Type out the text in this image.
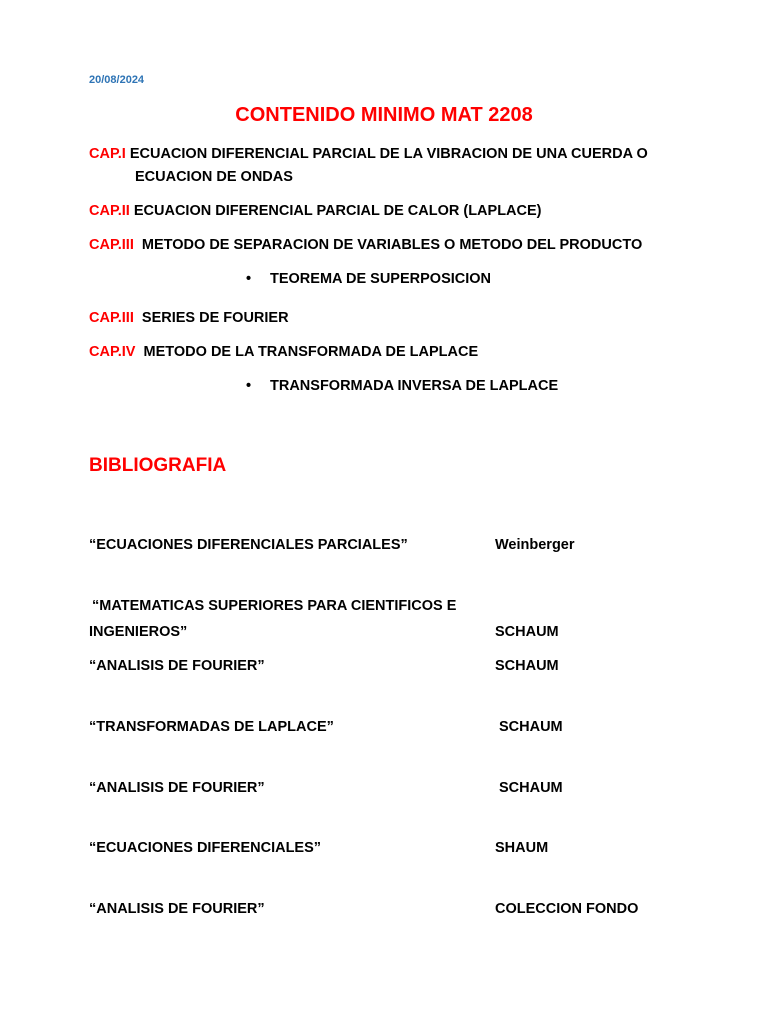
20/08/2024
CONTENIDO MINIMO MAT 2208
CAP.I ECUACION DIFERENCIAL PARCIAL DE LA VIBRACION DE UNA CUERDA O
ECUACION DE ONDAS
CAP.II ECUACION DIFERENCIAL PARCIAL DE CALOR (LAPLACE)
CAP.III METODO DE SEPARACION DE VARIABLES O METODO DEL PRODUCTO
• TEOREMA DE SUPERPOSICION
CAP.III SERIES DE FOURIER
CAP.IV METODO DE LA TRANSFORMADA DE LAPLACE
• TRANSFORMADA INVERSA DE LAPLACE
BIBLIOGRAFIA
“ECUACIONES DIFERENCIALES PARCIALES”	Weinberger
“MATEMATICAS SUPERIORES PARA CIENTIFICOS E
INGENIEROS”	SCHAUM
“ANALISIS DE FOURIER”	SCHAUM
“TRANSFORMADAS DE LAPLACE”	SCHAUM
“ANALISIS DE FOURIER”	SCHAUM
“ECUACIONES DIFERENCIALES”	SHAUM
“ANALISIS DE FOURIER”	COLECCION FONDO
